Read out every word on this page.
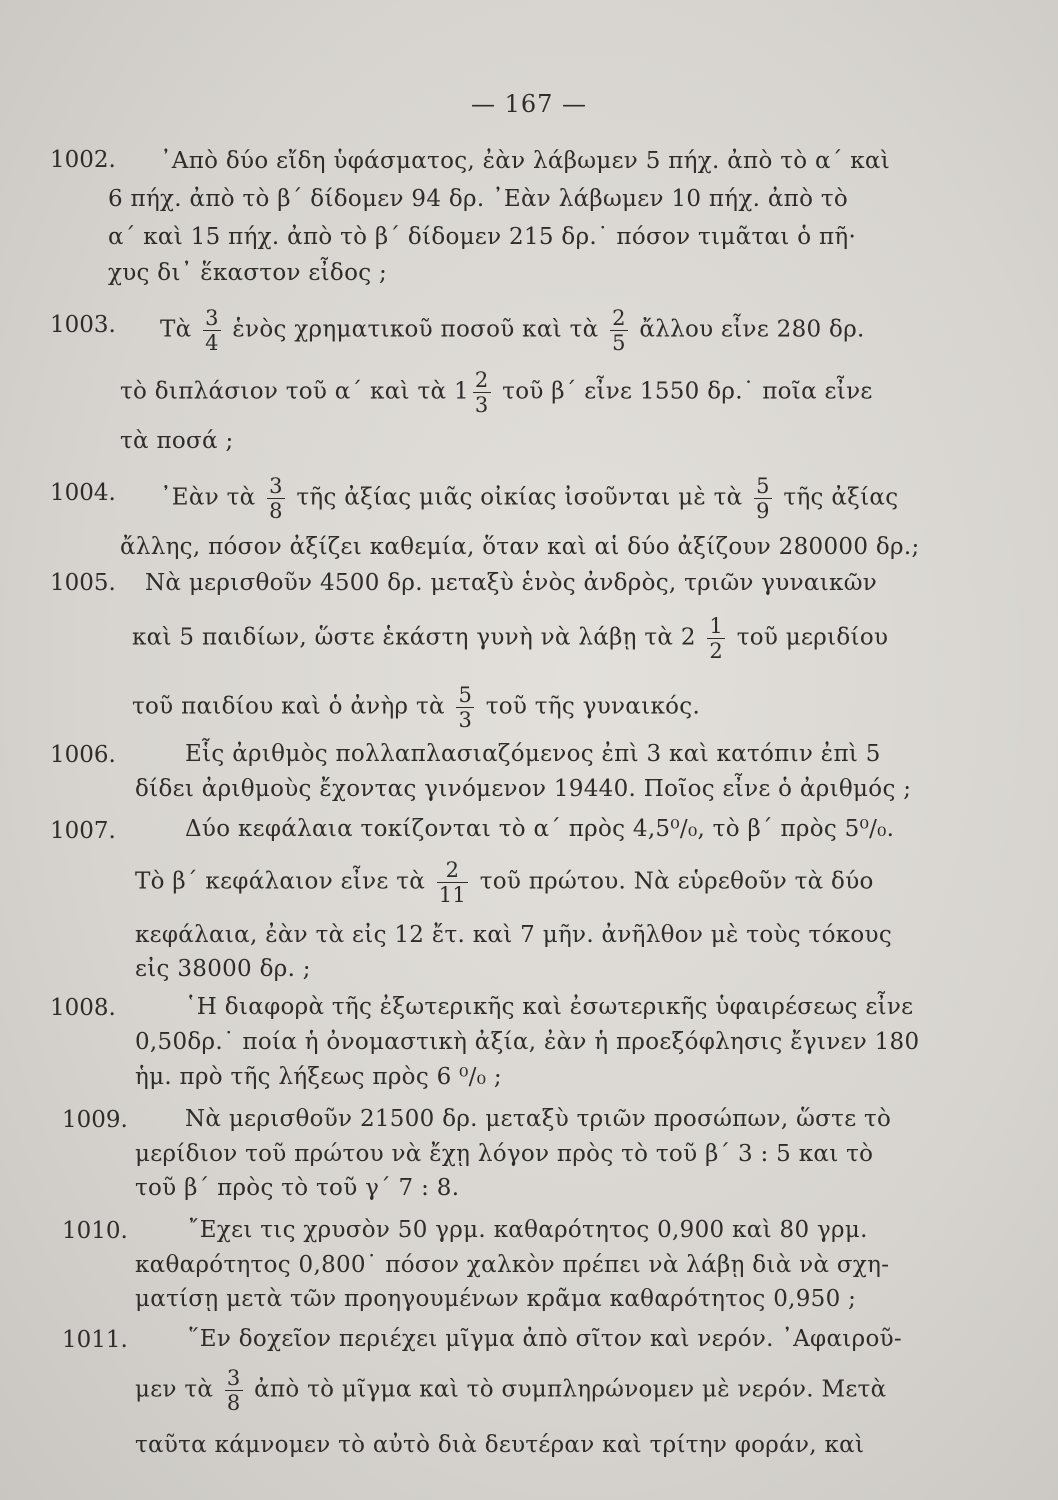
— 167 —
1002. ᾿Απὸ δύο εἴδη ὑφάσματος, ἐὰν λάβωμεν 5 πήχ. ἀπὸ τὸ α΄ καὶ
6 πήχ. ἀπὸ τὸ β΄ δίδομεν 94 δρ. ᾿Εὰν λάβωμεν 10 πήχ. ἀπὸ τὸ
α΄ καὶ 15 πήχ. ἀπὸ τὸ β΄ δίδομεν 215 δρ.˙ πόσον τιμᾶται ὁ πῆ·
χυς δι᾿ ἕκαστον εἶδος ;
1003. Τὰ $\frac{3}{4}$ ἑνὸς χρηματικοῦ ποσοῦ καὶ τὰ $\frac{2}{5}$ ἄλλου εἶνε 280 δρ.
τὸ διπλάσιον τοῦ α΄ καὶ τὰ $1 \frac{2}{3}$ τοῦ β΄ εἶνε 1550 δρ.˙ ποῖα εἶνε
τὰ ποσά ;
1004. ᾿Εὰν τὰ $\frac{3}{8}$ τῆς ἀξίας μιᾶς οἰκίας ἰσοῦνται μὲ τὰ $\frac{5}{9}$ τῆς ἀξίας
ἄλλης, πόσον ἀξίζει καθεμία, ὅταν καὶ αἱ δύο ἀξίζουν 280000 δρ.;
1005. Νὰ μερισθοῦν 4500 δρ. μεταξὺ ἑνὸς ἀνδρὸς, τριῶν γυναικῶν
καὶ 5 παιδίων, ὥστε ἑκάστη γυνὴ νὰ λάβῃ τὰ $2 \frac{1}{2}$ τοῦ μεριδίου
τοῦ παιδίου καὶ ὁ ἀνὴρ τὰ $\frac{5}{3}$ τοῦ τῆς γυναικός.
1006.	Εἷς ἀριθμὸς πολλαπλασιαζόμενος ἐπὶ 3 καὶ κατόπιν ἐπὶ 5
δίδει ἀριθμοὺς ἔχοντας γινόμενον 19440. Ποῖος εἶνε ὁ ἀριθμός ;
1007.	Δύο κεφάλαια τοκίζονται τὸ α΄ πρὸς 4,5⁰/₀, τὸ β΄ πρὸς 5⁰/₀.
Τὸ β΄ κεφάλαιον εἶνε τὰ $\frac{2}{11}$ τοῦ πρώτου. Νὰ εὑρεθοῦν τὰ δύο
κεφάλαια, ἐὰν τὰ εἰς 12 ἔτ. καὶ 7 μῆν. ἀνῆλθον μὲ τοὺς τόκους
εἰς 38000 δρ. ;
1008.	῾Η διαφορὰ τῆς ἐξωτερικῆς καὶ ἐσωτερικῆς ὑφαιρέσεως εἶνε
0,50δρ.˙ ποία ἡ ὀνομαστικὴ ἀξία, ἐὰν ἡ προεξόφλησις ἔγινεν 180
ἡμ. πρὸ τῆς λήξεως πρὸς 6 ⁰/₀ ;
1009. Νὰ μερισθοῦν 21500 δρ. μεταξὺ τριῶν προσώπων, ὥστε τὸ
μερίδιον τοῦ πρώτου νὰ ἔχῃ λόγον πρὸς τὸ τοῦ β΄ 3 : 5 και τὸ
τοῦ β΄ πρὸς τὸ τοῦ γ΄ 7 : 8.
1010.	῎Εχει τις χρυσὸν 50 γρμ. καθαρότητος 0,900 καὶ 80 γρμ.
καθαρότητος 0,800˙ πόσον χαλκὸν πρέπει νὰ λάβῃ διὰ νὰ σχη-
ματίσῃ μετὰ τῶν προηγουμένων κρᾶμα καθαρότητος 0,950 ;
1011.	῞Εν δοχεῖον περιέχει μῖγμα ἀπὸ σῖτον καὶ νερόν. ᾿Αφαιροῦ-
μεν τὰ $\frac{3}{8}$ ἀπὸ τὸ μῖγμα καὶ τὸ συμπληρώνομεν μὲ νερόν. Μετὰ
ταῦτα κάμνομεν τὸ αὐτὸ διὰ δευτέραν καὶ τρίτην φοράν, καὶ
